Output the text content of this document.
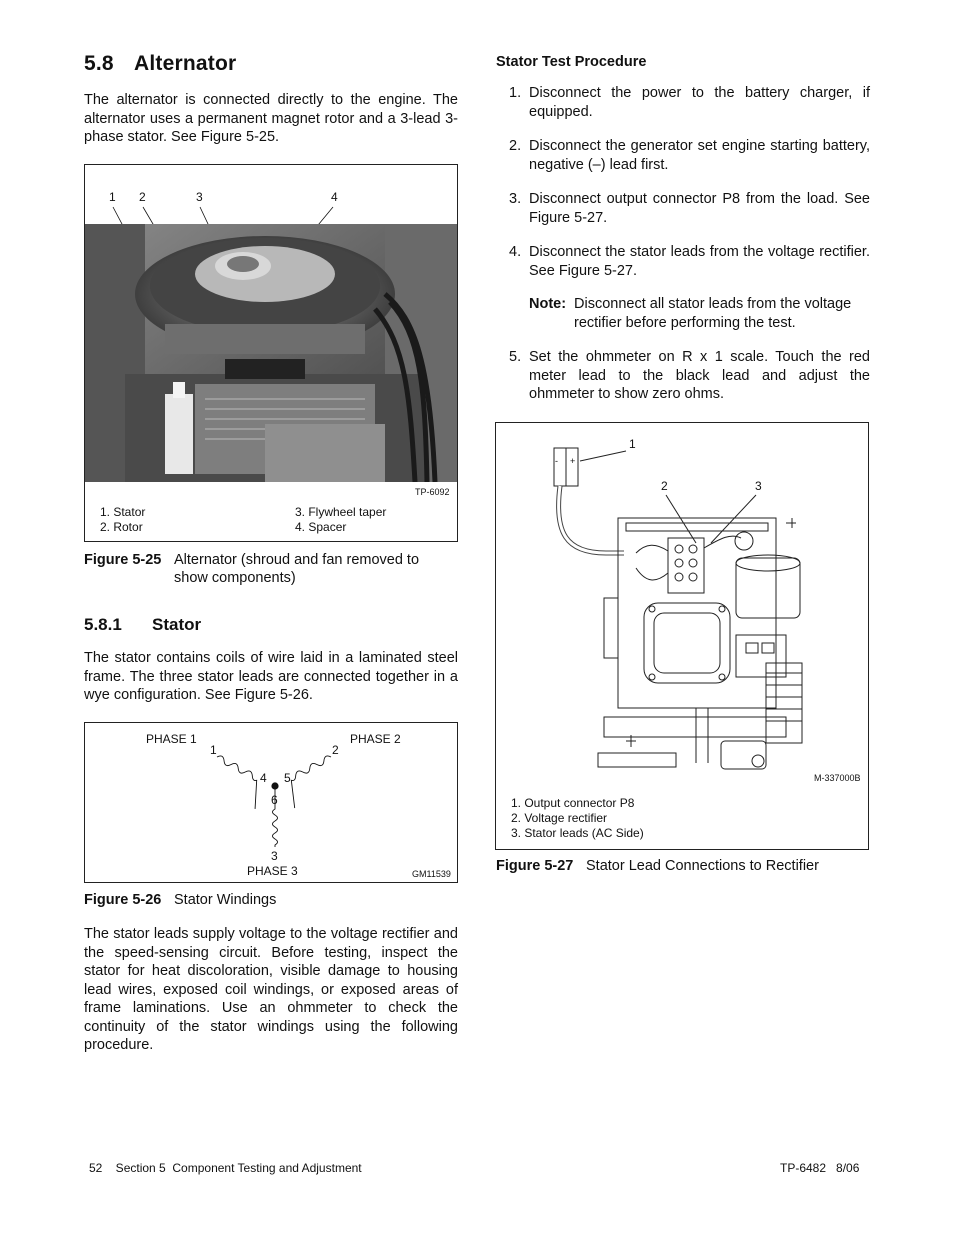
5.8 Alternator
The alternator is connected directly to the engine. The alternator uses a permanent magnet rotor and a 3-lead 3-phase stator. See Figure 5-25.
1 2	3	4
TP-6092
1. Stator
2. Rotor
3. Flywheel taper
4. Spacer
Figure 5-25 Alternator (shroud and fan removed to show components)
5.8.1 Stator
The stator contains coils of wire laid in a laminated steel frame. The three stator leads are connected together in a wye configuration. See Figure 5-26.
PHASE 1	PHASE 2
PHASE 3
1	2
3
4 5
6
GM11539
Figure 5-26 Stator Windings
The stator leads supply voltage to the voltage rectifier and the speed-sensing circuit. Before testing, inspect the stator for heat discoloration, visible damage to housing lead wires, exposed coil windings, or exposed areas of frame laminations. Use an ohmmeter to check the continuity of the stator windings using the following procedure.
Stator Test Procedure
1. Disconnect the power to the battery charger, if equipped.
2. Disconnect the generator set engine starting battery, negative (–) lead first.
3. Disconnect output connector P8 from the load. See Figure 5-27.
4. Disconnect the stator leads from the voltage rectifier. See Figure 5-27.
Note: Disconnect all stator leads from the voltage rectifier before performing the test.
5. Set the ohmmeter on R x 1 scale. Touch the red meter lead to the black lead and adjust the ohmmeter to show zero ohms.
1
2	3
- +
M-337000B
1. Output connector P8
2. Voltage rectifier
3. Stator leads (AC Side)
Figure 5-27 Stator Lead Connections to Rectifier
52    Section 5  Component Testing and Adjustment	TP-6482   8/06
